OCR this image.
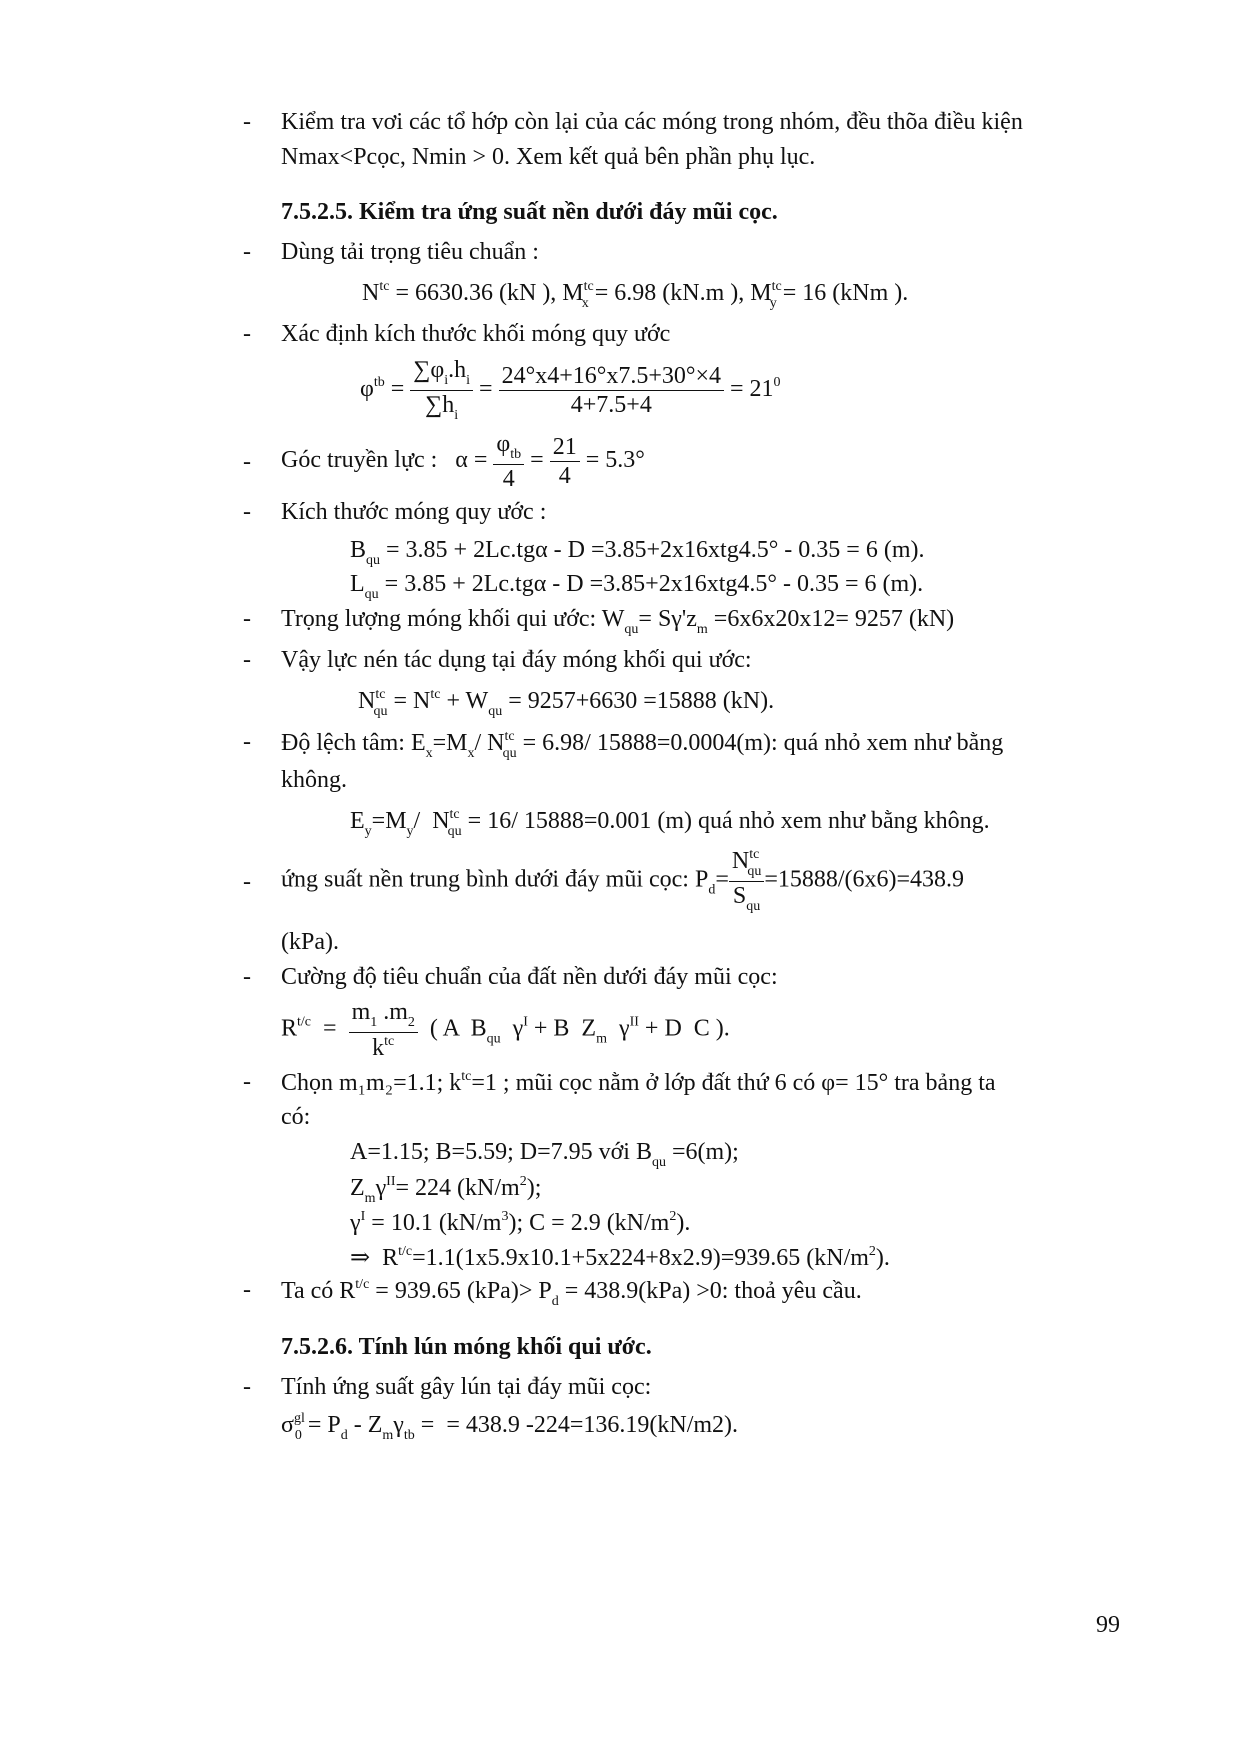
- Kiểm tra vơi các tổ hớp còn lại của các móng trong nhóm, đều thõa điều kiện
Nmax<Pcọc, Nmin > 0. Xem kết quả bên phần phụ lục.
7.5.2.5. Kiểm tra ứng suất nền dưới đáy mũi cọc.
- Dùng tải trọng tiêu chuẩn :
$N^{tc} = 6630.36$ (kN ), $M^{tc}_x = 6.98$ (kN.m ), $M^{tc}_y = 16$ (kNm ).
- Xác định kích thước khối móng quy ước
$\varphi^{tb} = \frac{\sum\varphi_i.h_i}{\sum h_i} = \frac{24^\circ x4+16^\circ x7.5+30^\circ\times 4}{4+7.5+4} = 21^0$
- Góc truyền lực :   $\alpha = \frac{\varphi_{tb}}{4} = \frac{21}{4} = 5.3^\circ$
- Kích thước móng quy ước :
$B_{qu} = 3.85 + 2Lc.tg\alpha - D =3.85+2x16xtg4.5^\circ - 0.35 = 6$ (m).
$L_{qu} = 3.85 + 2Lc.tg\alpha - D =3.85+2x16xtg4.5^\circ - 0.35 = 6$ (m).
- Trọng lượng móng khối qui ước: $W_{qu}= S\gamma'z_m =6x6x20x12= 9257$ (kN)
- Vậy lực nén tác dụng tại đáy móng khối qui ước:
$N^{tc}_{qu} = N^{tc} + W_{qu} = 9257+6630 =15888$ (kN).
- Độ lệch tâm: $E_x=M_x/$ $N^{tc}_{qu} = 6.98/$ 15888=0.0004(m): quá nhỏ xem như bằng
không.
$E_y=M_y/$  $N^{tc}_{qu} = 16/$ 15888=0.001 (m) quá nhỏ xem như bằng không.
- ứng suất nền trung bình dưới đáy mũi cọc: $P_d= \frac{N^{tc}_{qu}}{S_{qu}} =15888/(6x6)=438.9$
(kPa).
- Cường độ tiêu chuẩn của đất nền dưới đáy mũi cọc:
$R^{t/c} = \frac{m_1 .m_2}{k^{tc}}$ ( A  $B_{qu}$  $\gamma^I + B$  $Z_m$  $\gamma^{II} + D$  C ).
- Chọn m₁m₂=1.1; $k^{tc}=1$ ; mũi cọc nằm ở lớp đất thứ 6 có φ= 15° tra bảng ta
có:
A=1.15; B=5.59; D=7.95 với $B_{qu} =6(m)$;
$Z_m\gamma^{II}= 224$ $(kN/m^2)$;
$\gamma^I = 10.1$ $(kN/m^3)$; C = 2.9 $(kN/m^2)$.
⇒  $R^{t/c}=1.1(1x5.9x10.1+5x224+8x2.9)=939.65$ $(kN/m^2)$.
- Ta có $R^{t/c} = 939.65$ $(kPa)> P_d = 438.9(kPa) >0$: thoả yêu cầu.
7.5.2.6. Tính lún móng khối qui ước.
- Tính ứng suất gây lún tại đáy mũi cọc:
$\sigma^{gl}_0 = P_d - Z_m\gamma_{tb}$ =  = 438.9 -224=136.19(kN/m2).
99
